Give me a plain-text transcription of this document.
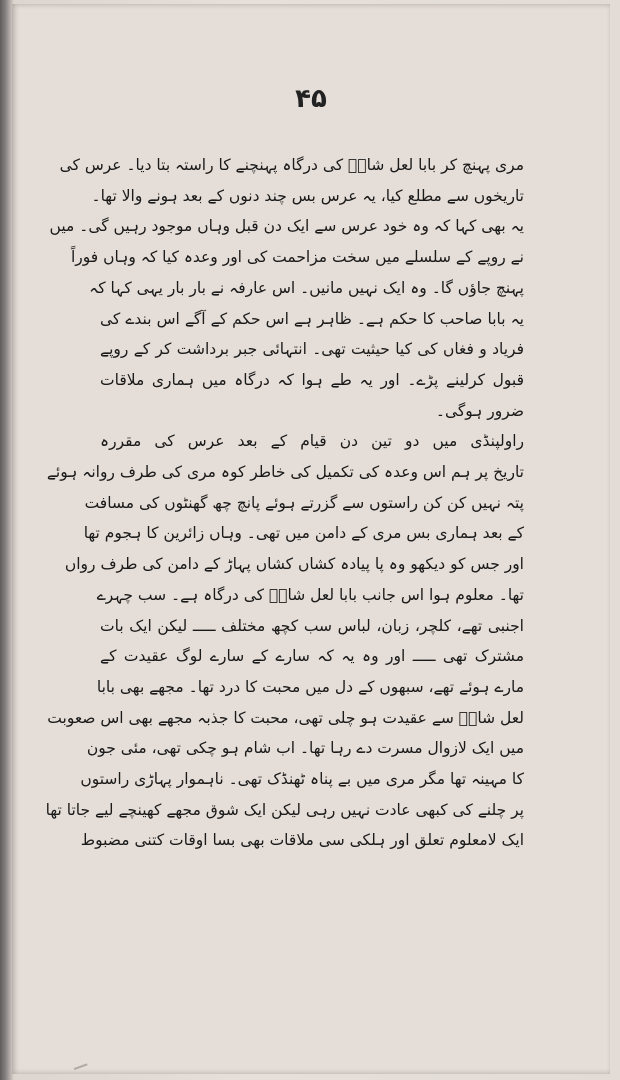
۴۵
مری پہنچ کر بابا لعل شاہؒ کی درگاہ پہنچنے کا راستہ بتا دیا۔ عرس کی
تاریخوں سے مطلع کیا، یہ عرس بس چند دنوں کے بعد ہونے والا تھا۔
یہ بھی کہا کہ وہ خود عرس سے ایک دن قبل وہاں موجود رہیں گی۔ میں
نے روپے کے سلسلے میں سخت مزاحمت کی اور وعدہ کیا کہ وہاں فوراً
پہنچ جاؤں گا۔ وہ ایک نہیں مانیں۔ اس عارفہ نے بار بار یہی کہا کہ
یہ بابا صاحب کا حکم ہے۔ ظاہر ہے اس حکم کے آگے اس بندے کی
فریاد و فغاں کی کیا حیثیت تھی۔ انتہائی جبر برداشت کر کے روپے
قبول کرلینے پڑے۔ اور یہ طے ہوا کہ درگاہ میں ہماری ملاقات
ضرور ہوگی۔
راولپنڈی میں دو تین دن قیام کے بعد عرس کی مقررہ
تاریخ پر ہم اس وعدہ کی تکمیل کی خاطر کوہ مری کی طرف روانہ ہوئے
پتہ نہیں کن کن راستوں سے گزرتے ہوئے پانچ چھ گھنٹوں کی مسافت
کے بعد ہماری بس مری کے دامن میں تھی۔ وہاں زائرین کا ہجوم تھا
اور جس کو دیکھو وہ پا پیادہ کشاں کشاں پہاڑ کے دامن کی طرف رواں
تھا۔ معلوم ہوا اس جانب بابا لعل شاہؒ کی درگاہ ہے۔ سب چہرے
اجنبی تھے، کلچر، زبان، لباس سب کچھ مختلف ـــــ لیکن ایک بات
مشترک تھی ـــــ اور وہ یہ کہ سارے کے سارے لوگ عقیدت کے
مارے ہوئے تھے، سبھوں کے دل میں محبت کا درد تھا۔ مجھے بھی بابا
لعل شاہؒ سے عقیدت ہو چلی تھی، محبت کا جذبہ مجھے بھی اس صعوبت
میں ایک لازوال مسرت دے رہا تھا۔ اب شام ہو چکی تھی، مئی جون
کا مہینہ تھا مگر مری میں بے پناہ ٹھنڈک تھی۔ ناہموار پہاڑی راستوں
پر چلنے کی کبھی عادت نہیں رہی لیکن ایک شوق مجھے کھینچے لیے جاتا تھا
ایک لامعلوم تعلق اور ہلکی سی ملاقات بھی بسا اوقات کتنی مضبوط
